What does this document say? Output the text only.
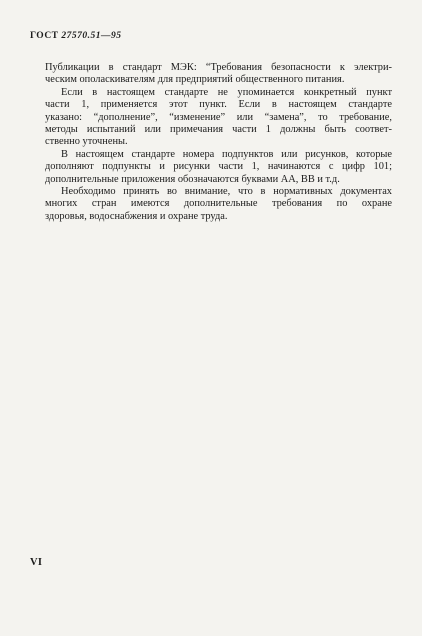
ГОСТ 27570.51—95
Публикации в стандарт МЭК: “Требования безопасности к электри-
ческим ополаскивателям для предприятий общественного питания.
Если в настоящем стандарте не упоминается конкретный пункт
части 1, применяется этот пункт. Если в настоящем стандарте
указано: “дополнение”, “изменение” или “замена”, то требование,
методы испытаний или примечания части 1 должны быть соответ-
ственно уточнены.
В настоящем стандарте номера подпунктов или рисунков, которые
дополняют подпункты и рисунки части 1, начинаются с цифр 101;
дополнительные приложения обозначаются буквами АА, ВВ и т.д.
Необходимо принять во внимание, что в нормативных документах
многих стран имеются дополнительные требования по охране
здоровья, водоснабжения и охране труда.
VI
